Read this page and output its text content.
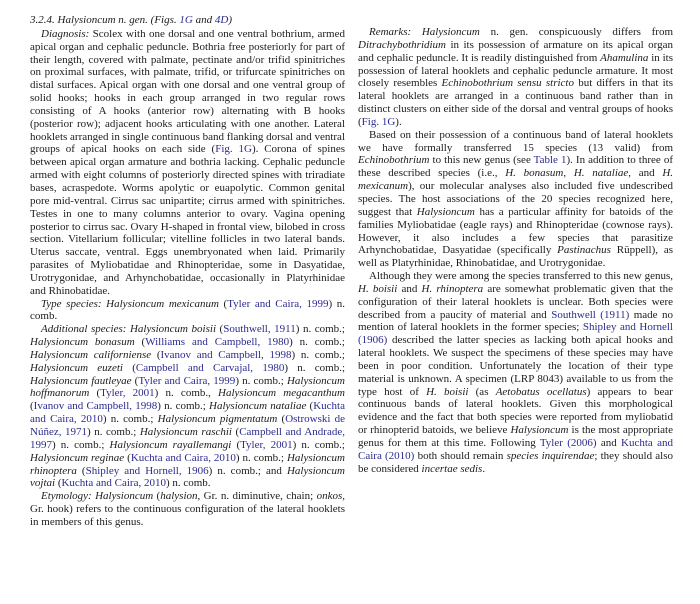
3.2.4. Halysioncum n. gen. (Figs. 1G and 4D)

Diagnosis: Scolex with one dorsal and one ventral bothrium, armed apical organ and cephalic peduncle. Bothria free posteriorly for part of their length, covered with palmate, pectinate and/or trifid spinitriches on proximal surfaces, with palmate, trifid, or trifurcate spinitriches on distal surfaces. Apical organ with one dorsal and one ventral group of solid hooks; hooks in each group arranged in two regular rows consisting of A hooks (anterior row) alternating with B hooks (posterior row); adjacent hooks articulating with one another. Lateral hooklets arranged in single continuous band flanking dorsal and ventral groups of apical hooks on each side (Fig. 1G). Corona of spines between apical organ armature and bothria lacking. Cephalic peduncle armed with eight columns of posteriorly directed spines with triradiate bases, acraspedote. Worms apolytic or euapolytic. Common genital pore mid-ventral. Cirrus sac unipartite; cirrus armed with spinitriches. Testes in one to many columns anterior to ovary. Vagina opening posterior to cirrus sac. Ovary H-shaped in frontal view, bilobed in cross section. Vitellarium follicular; vitelline follicles in two lateral bands. Uterus saccate, ventral. Eggs unembryonated when laid. Primarily parasites of Myliobatidae and Rhinopteridae, some in Dasyatidae, Urotrygonidae, and Arhynchobatidae, occasionally in Platyrhinidae and Rhinobatidae.

Type species: Halysioncum mexicanum (Tyler and Caira, 1999) n. comb.

Additional species: Halysioncum boisii (Southwell, 1911) n. comb.; Halysioncum bonasum (Williams and Campbell, 1980) n. comb.; Halysioncum californiense (Ivanov and Campbell, 1998) n. comb.; Halysioncum euzeti (Campbell and Carvajal, 1980) n. comb.; Halysioncum fautleyae (Tyler and Caira, 1999) n. comb.; Halysioncum hoffmanorum (Tyler, 2001) n. comb., Halysioncum megacanthum (Ivanov and Campbell, 1998) n. comb.; Halysioncum nataliae (Kuchta and Caira, 2010) n. comb.; Halysioncum pigmentatum (Ostrowski de Núñez, 1971) n. comb.; Halysioncum raschii (Campbell and Andrade, 1997) n. comb.; Halysioncum rayallemangi (Tyler, 2001) n. comb.; Halysioncum reginae (Kuchta and Caira, 2010) n. comb.; Halysioncum rhinoptera (Shipley and Hornell, 1906) n. comb.; and Halysioncum vojtai (Kuchta and Caira, 2010) n. comb.

Etymology: Halysioncum (halysion, Gr. n. diminutive, chain; onkos, Gr. hook) refers to the continuous configuration of the lateral hooklets in members of this genus.

Remarks: Halysioncum n. gen. conspicuously differs from Ditrachybothridium in its possession of armature on its apical organ and cephalic peduncle. It is readily distinguished from Ahamulina in its possession of lateral hooklets and cephalic peduncle armature. It most closely resembles Echinobothrium sensu stricto but differs in that its lateral hooklets are arranged in a continuous band rather than in distinct clusters on either side of the dorsal and ventral groups of hooks (Fig. 1G).

Based on their possession of a continuous band of lateral hooklets we have formally transferred 15 species (13 valid) from Echinobothrium to this new genus (see Table 1). In addition to three of these described species (i.e., H. bonasum, H. nataliae, and H. mexicanum), our molecular analyses also included five undescribed species. The host associations of the 20 species recognized here, suggest that Halysioncum has a particular affinity for batoids of the families Myliobatidae (eagle rays) and Rhinopteridae (cownose rays). However, it also includes a few species that parasitize Arhynchobatidae, Dasyatidae (specifically Pastinachus Rüppell), as well as Platyrhinidae, Rhinobatidae, and Urotrygonidae.

Although they were among the species transferred to this new genus, H. boisii and H. rhinoptera are somewhat problematic given that the configuration of their lateral hooklets is unclear. Both species were described from a paucity of material and Southwell (1911) made no mention of lateral hooklets in the former species; Shipley and Hornell (1906) described the latter species as lacking both apical hooks and lateral hooklets. We suspect the specimens of these species may have been in poor condition. Unfortunately the location of their type material is unknown. A specimen (LRP 8043) available to us from the type host of H. boisii (as Aetobatus ocellatus) appears to bear continuous bands of lateral hooklets. Given this morphological evidence and the fact that both species were reported from myliobatid or rhinopterid batoids, we believe Halysioncum is the most appropriate genus for them at this time. Following Tyler (2006) and Kuchta and Caira (2010) both should remain species inquirendae; they should also be considered incertae sedis.
